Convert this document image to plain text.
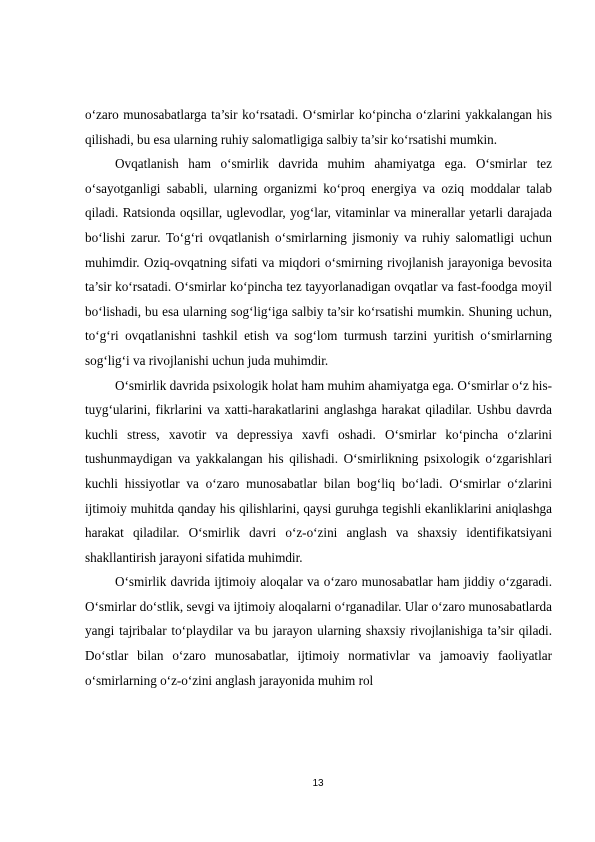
o‘zaro munosabatlarga ta’sir ko‘rsatadi. O‘smirlar ko‘pincha o‘zlarini yakkalangan his qilishadi, bu esa ularning ruhiy salomatligiga salbiy ta’sir ko‘rsatishi mumkin.

Ovqatlanish ham o‘smirlik davrida muhim ahamiyatga ega. O‘smirlar tez o‘sayotganligi sababli, ularning organizmi ko‘proq energiya va oziq moddalar talab qiladi. Ratsionda oqsillar, uglevodlar, yog‘lar, vitaminlar va minerallar yetarli darajada bo‘lishi zarur. To‘g‘ri ovqatlanish o‘smirlarning jismoniy va ruhiy salomatligi uchun muhimdir. Oziq-ovqatning sifati va miqdori o‘smirning rivojlanish jarayoniga bevosita ta’sir ko‘rsatadi. O‘smirlar ko‘pincha tez tayyorlanadigan ovqatlar va fast-foodga moyil bo‘lishadi, bu esa ularning sog‘lig‘iga salbiy ta’sir ko‘rsatishi mumkin. Shuning uchun, to‘g‘ri ovqatlanishni tashkil etish va sog‘lom turmush tarzini yuritish o‘smirlarning sog‘lig‘i va rivojlanishi uchun juda muhimdir.

O‘smirlik davrida psixologik holat ham muhim ahamiyatga ega. O‘smirlar o‘z his-tuyg‘ularini, fikrlarini va xatti-harakatlarini anglashga harakat qiladilar. Ushbu davrda kuchli stress, xavotir va depressiya xavfi oshadi. O‘smirlar ko‘pincha o‘zlarini tushunmaydigan va yakkalangan his qilishadi. O‘smirlikning psixologik o‘zgarishlari kuchli hissiyotlar va o‘zaro munosabatlar bilan bog‘liq bo‘ladi. O‘smirlar o‘zlarini ijtimoiy muhitda qanday his qilishlarini, qaysi guruhga tegishli ekanliklarini aniqlashga harakat qiladilar. O‘smirlik davri o‘z-o‘zini anglash va shaxsiy identifikatsiyani shakllantirish jarayoni sifatida muhimdir.

O‘smirlik davrida ijtimoiy aloqalar va o‘zaro munosabatlar ham jiddiy o‘zgaradi. O‘smirlar do‘stlik, sevgi va ijtimoiy aloqalarni o‘rganadilar. Ular o‘zaro munosabatlarda yangi tajribalar to‘playdilar va bu jarayon ularning shaxsiy rivojlanishiga ta’sir qiladi. Do‘stlar bilan o‘zaro munosabatlar, ijtimoiy normativlar va jamoaviy faoliyatlar o‘smirlarning o‘z-o‘zini anglash jarayonida muhim rol

13
